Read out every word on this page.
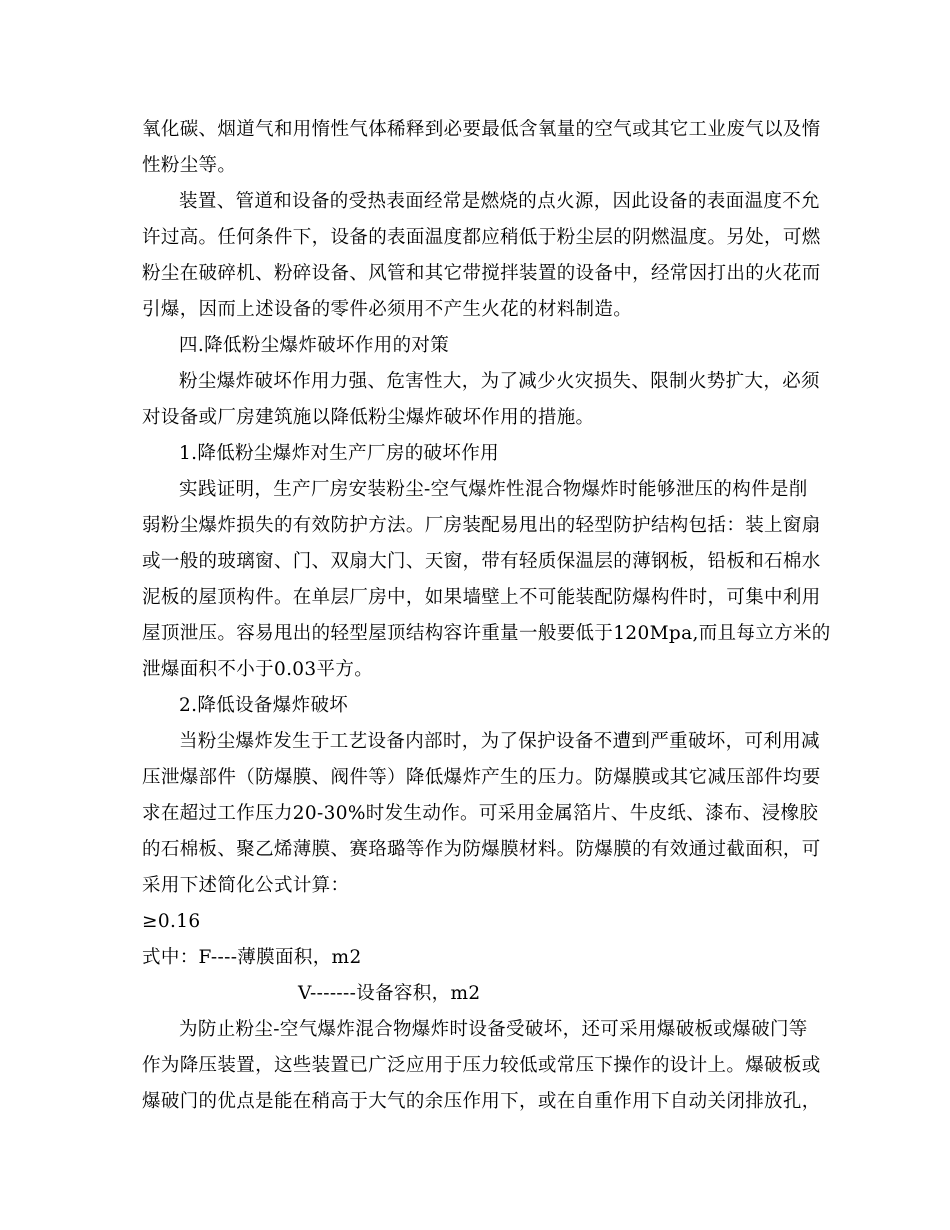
氧化碳、烟道气和用惰性气体稀释到必要最低含氧量的空气或其它工业废气以及惰
性粉尘等。
装置、管道和设备的受热表面经常是燃烧的点火源，因此设备的表面温度不允
许过高。任何条件下，设备的表面温度都应稍低于粉尘层的阴燃温度。另处，可燃
粉尘在破碎机、粉碎设备、风管和其它带搅拌装置的设备中，经常因打出的火花而
引爆，因而上述设备的零件必须用不产生火花的材料制造。
四.降低粉尘爆炸破坏作用的对策
粉尘爆炸破坏作用力强、危害性大，为了减少火灾损失、限制火势扩大，必须
对设备或厂房建筑施以降低粉尘爆炸破坏作用的措施。
1.降低粉尘爆炸对生产厂房的破坏作用
实践证明，生产厂房安装粉尘-空气爆炸性混合物爆炸时能够泄压的构件是削
弱粉尘爆炸损失的有效防护方法。厂房装配易甩出的轻型防护结构包括：装上窗扇
或一般的玻璃窗、门、双扇大门、天窗，带有轻质保温层的薄钢板，铅板和石棉水
泥板的屋顶构件。在单层厂房中，如果墙壁上不可能装配防爆构件时，可集中利用
屋顶泄压。容易甩出的轻型屋顶结构容许重量一般要低于120Mpa,而且每立方米的
泄爆面积不小于0.03平方。
2.降低设备爆炸破坏
当粉尘爆炸发生于工艺设备内部时，为了保护设备不遭到严重破坏，可利用减
压泄爆部件（防爆膜、阀件等）降低爆炸产生的压力。防爆膜或其它减压部件均要
求在超过工作压力20-30%时发生动作。可采用金属箔片、牛皮纸、漆布、浸橡胶
的石棉板、聚乙烯薄膜、赛珞璐等作为防爆膜材料。防爆膜的有效通过截面积，可
采用下述简化公式计算：
≥0.16
式中：F----薄膜面积，m2
V-------设备容积，m2
为防止粉尘-空气爆炸混合物爆炸时设备受破坏，还可采用爆破板或爆破门等
作为降压装置，这些装置已广泛应用于压力较低或常压下操作的设计上。爆破板或
爆破门的优点是能在稍高于大气的余压作用下，或在自重作用下自动关闭排放孔，
